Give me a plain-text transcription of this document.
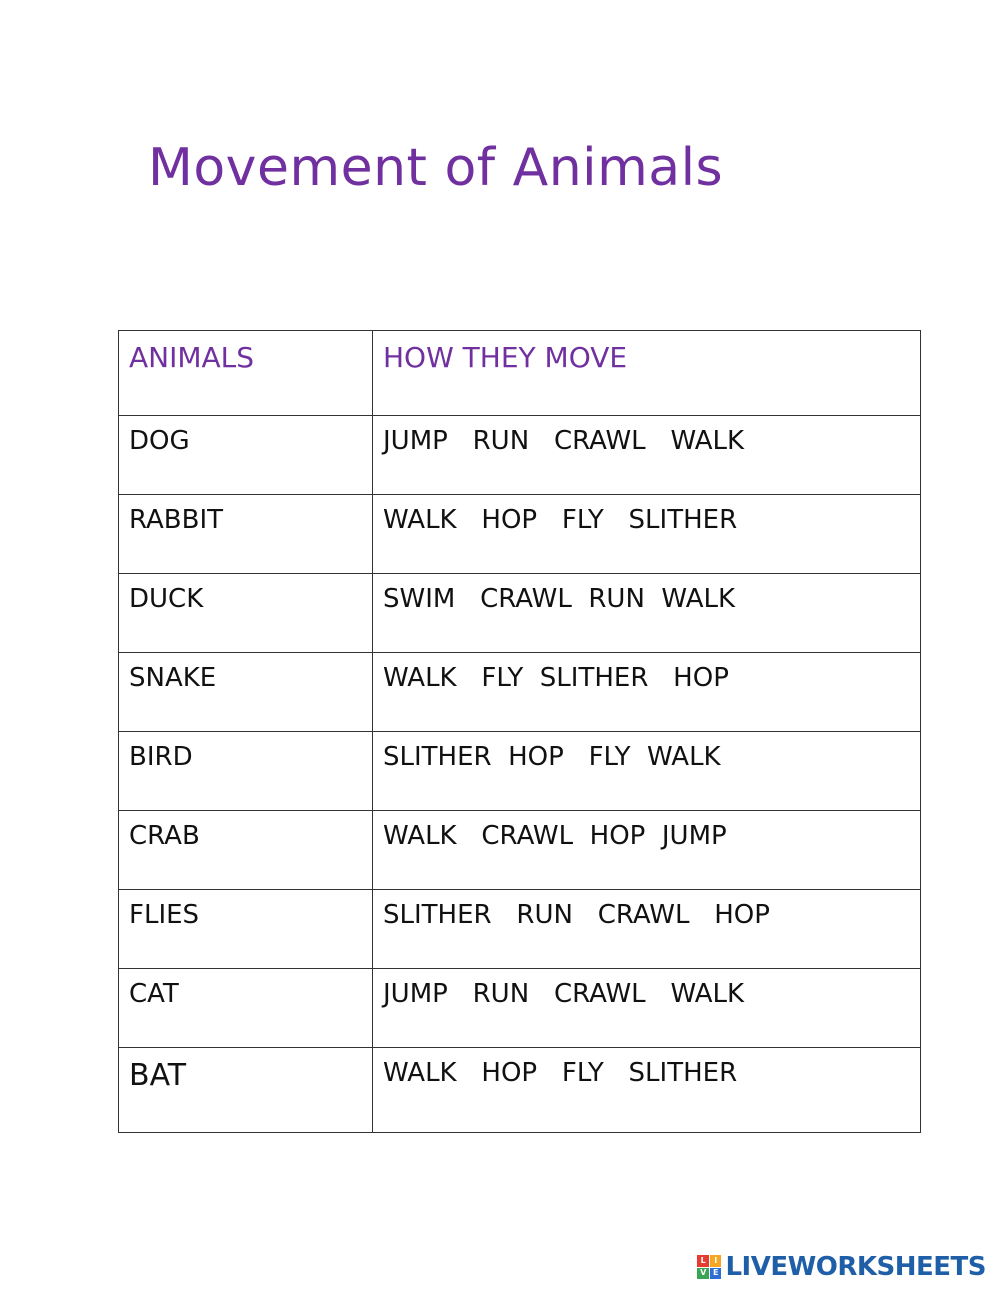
Movement of Animals
ANIMALS	HOW THEY MOVE
DOG	JUMP   RUN   CRAWL   WALK
RABBIT	WALK   HOP   FLY   SLITHER
DUCK	SWIM   CRAWL  RUN  WALK
SNAKE	WALK   FLY  SLITHER   HOP
BIRD	SLITHER  HOP   FLY  WALK
CRAB	WALK   CRAWL  HOP  JUMP
FLIES	SLITHER   RUN   CRAWL   HOP
CAT	JUMP   RUN   CRAWL   WALK
BAT	WALK   HOP   FLY   SLITHER
L	I
V E LIVEWORKSHEETS
